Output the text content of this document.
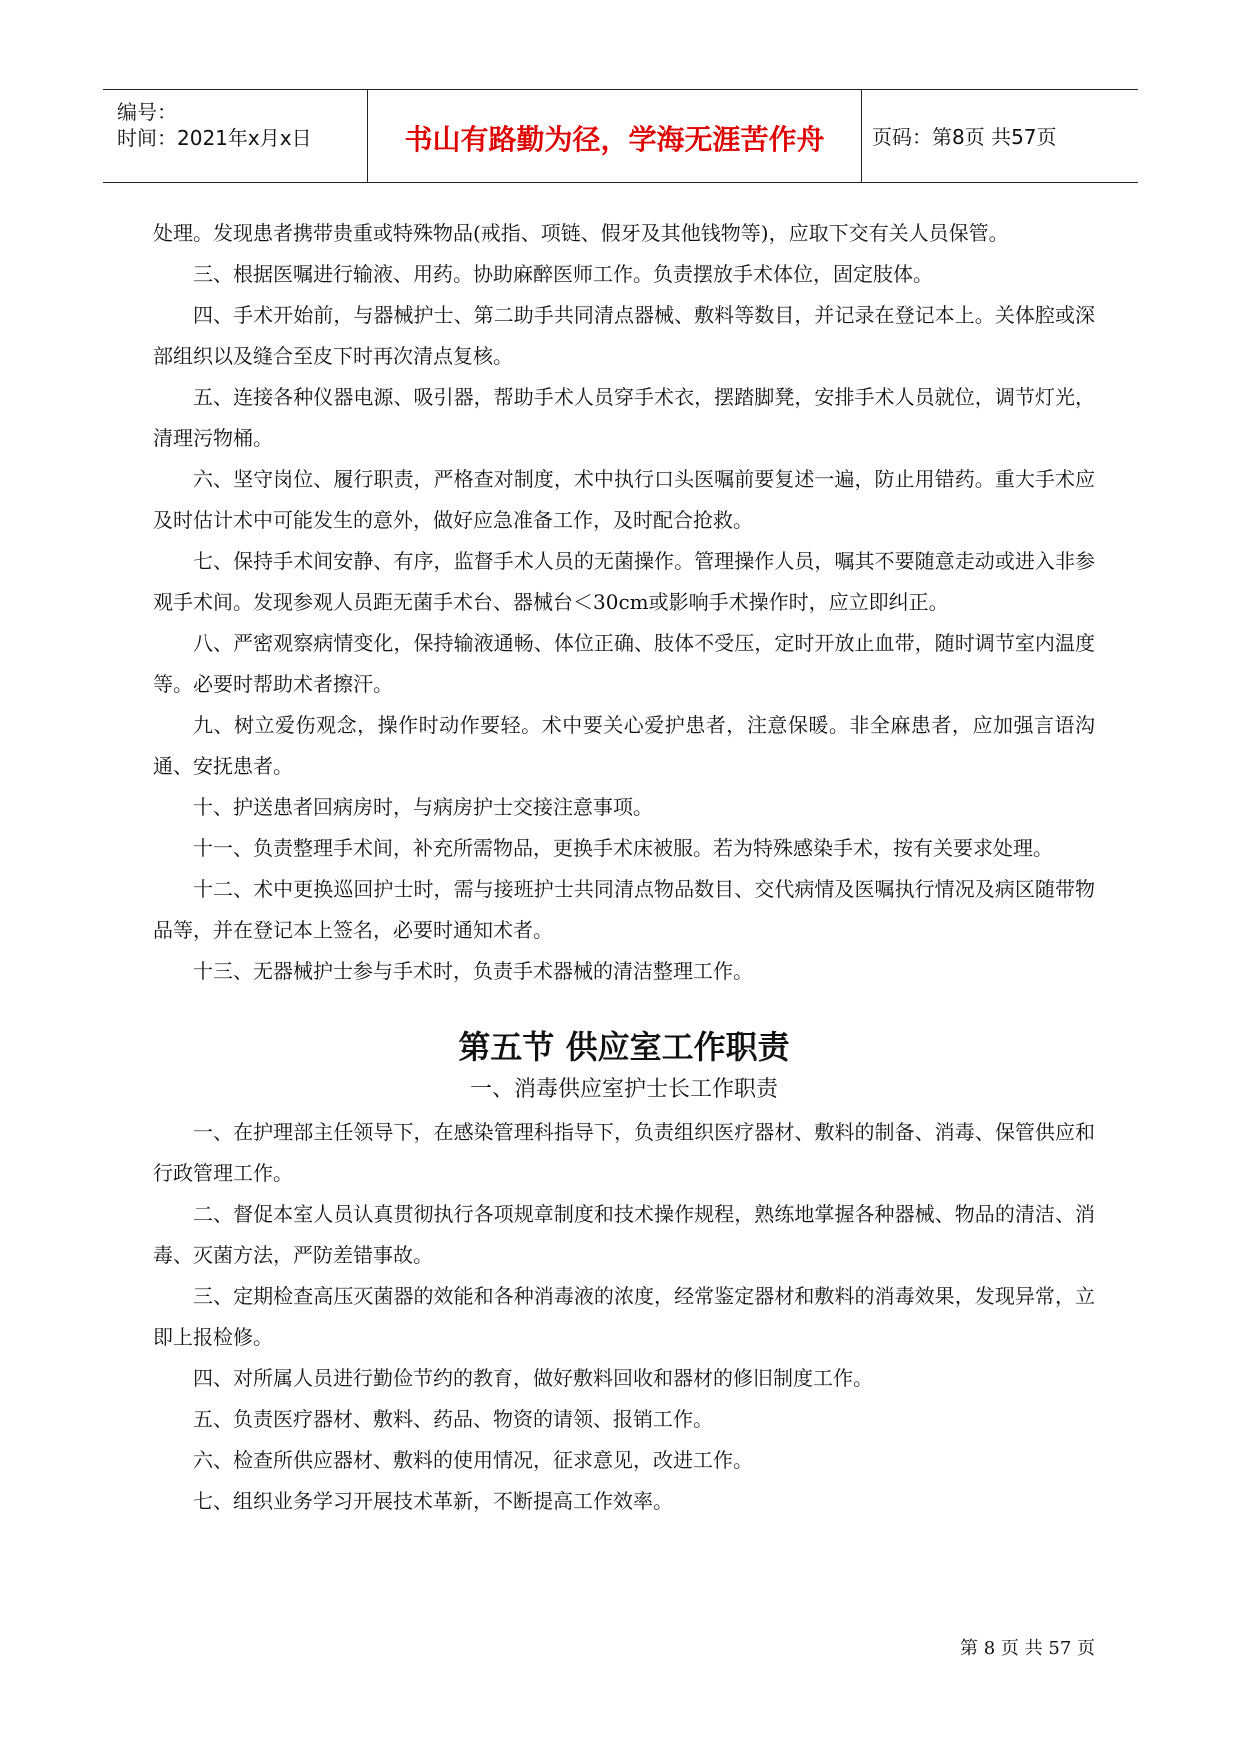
编号：
时间：2021年x月x日	书山有路勤为径，学海无涯苦作舟	页码：第8页 共57页

处理。发现患者携带贵重或特殊物品(戒指、项链、假牙及其他钱物等)，应取下交有关人员保管。

三、根据医嘱进行输液、用药。协助麻醉医师工作。负责摆放手术体位，固定肢体。

四、手术开始前，与器械护士、第二助手共同清点器械、敷料等数目，并记录在登记本上。关体腔或深部组织以及缝合至皮下时再次清点复核。

五、连接各种仪器电源、吸引器，帮助手术人员穿手术衣，摆踏脚凳，安排手术人员就位，调节灯光，清理污物桶。

六、坚守岗位、履行职责，严格查对制度，术中执行口头医嘱前要复述一遍，防止用错药。重大手术应及时估计术中可能发生的意外，做好应急准备工作，及时配合抢救。

七、保持手术间安静、有序，监督手术人员的无菌操作。管理操作人员，嘱其不要随意走动或进入非参观手术间。发现参观人员距无菌手术台、器械台＜30cm或影响手术操作时，应立即纠正。

八、严密观察病情变化，保持输液通畅、体位正确、肢体不受压，定时开放止血带，随时调节室内温度等。必要时帮助术者擦汗。

九、树立爱伤观念，操作时动作要轻。术中要关心爱护患者，注意保暖。非全麻患者，应加强言语沟通、安抚患者。

十、护送患者回病房时，与病房护士交接注意事项。

十一、负责整理手术间，补充所需物品，更换手术床被服。若为特殊感染手术，按有关要求处理。

十二、术中更换巡回护士时，需与接班护士共同清点物品数目、交代病情及医嘱执行情况及病区随带物品等，并在登记本上签名，必要时通知术者。

十三、无器械护士参与手术时，负责手术器械的清洁整理工作。

第五节 供应室工作职责
一、消毒供应室护士长工作职责

一、在护理部主任领导下，在感染管理科指导下，负责组织医疗器材、敷料的制备、消毒、保管供应和行政管理工作。

二、督促本室人员认真贯彻执行各项规章制度和技术操作规程，熟练地掌握各种器械、物品的清洁、消毒、灭菌方法，严防差错事故。

三、定期检查高压灭菌器的效能和各种消毒液的浓度，经常鉴定器材和敷料的消毒效果，发现异常，立即上报检修。

四、对所属人员进行勤俭节约的教育，做好敷料回收和器材的修旧制度工作。

五、负责医疗器材、敷料、药品、物资的请领、报销工作。

六、检查所供应器材、敷料的使用情况，征求意见，改进工作。

七、组织业务学习开展技术革新，不断提高工作效率。

第 8 页 共 57 页
